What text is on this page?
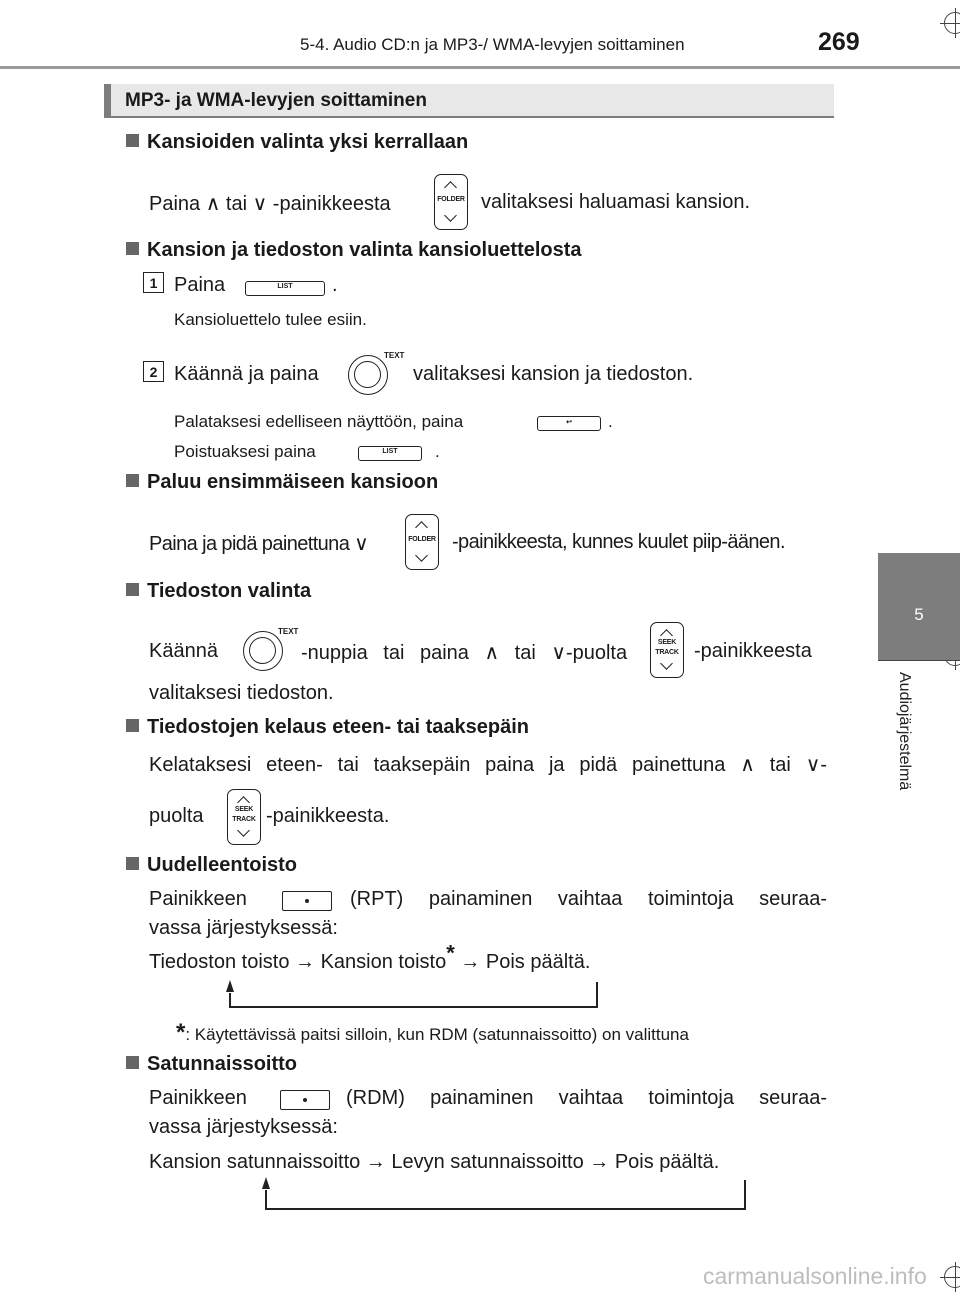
5-4. Audio CD:n ja MP3-/ WMA-levyjen soittaminen	269
5
Audiojärjestelmä
MP3- ja WMA-levyjen soittaminen
Kansioiden valinta yksi kerrallaan
Paina ∧ tai ∨ -painikkeesta	FOLDER valitaksesi haluamasi kansion.
Kansion ja tiedoston valinta kansioluettelosta
1 Paina	LIST	.
Kansioluettelo tulee esiin.
2 Käännä ja paina
TEXT
valitaksesi kansion ja tiedoston.
Palataksesi edelliseen näyttöön, paina	↩	.
Poistuaksesi paina	LIST	.
Paluu ensimmäiseen kansioon
Paina ja pidä painettuna ∨	FOLDER -painikkeesta, kunnes kuulet piip-äänen.
Tiedoston valinta
Käännä
TEXT
-nuppia tai paina ∧ tai ∨-puolta	SEEK
TRACK -painikkeesta
valitaksesi tiedoston.
Tiedostojen kelaus eteen- tai taaksepäin
Kelataksesi eteen- tai taaksepäin paina ja pidä painettuna ∧ tai ∨-
puolta	SEEK
TRACK -painikkeesta.
Uudelleentoisto
Painikkeen	(RPT) painaminen vaihtaa toimintoja seuraa-
vassa järjestyksessä:
Tiedoston toisto → Kansion toisto* → Pois päältä.
*: Käytettävissä paitsi silloin, kun RDM (satunnaissoitto) on valittuna
Satunnaissoitto
Painikkeen	(RDM) painaminen vaihtaa toimintoja seuraa-
vassa järjestyksessä:
Kansion satunnaissoitto → Levyn satunnaissoitto → Pois päältä.
carmanualsonline.info
